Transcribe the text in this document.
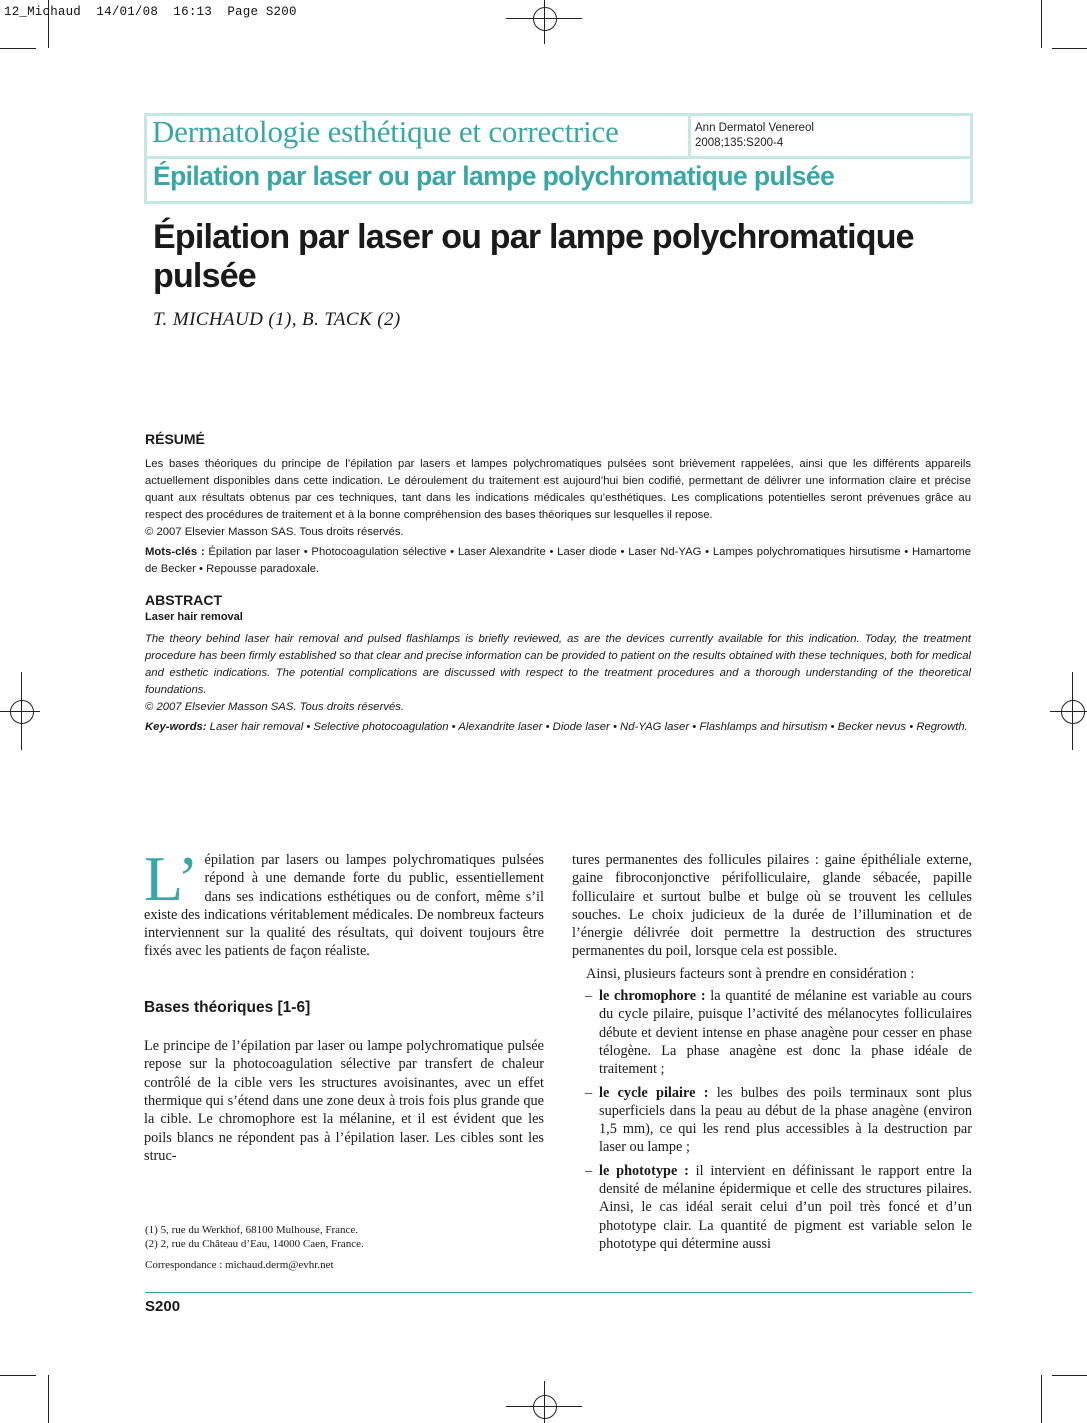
12_Michaud  14/01/08  16:13  Page S200
Dermatologie esthétique et correctrice	Ann Dermatol Venereol
2008;135:S200-4
Épilation par laser ou par lampe polychromatique pulsée
Épilation par laser ou par lampe polychromatique pulsée
T. MICHAUD (1), B. TACK (2)
RÉSUMÉ
Les bases théoriques du principe de l’épilation par lasers et lampes polychromatiques pulsées sont brièvement rappelées, ainsi que les différents appareils actuellement disponibles dans cette indication. Le déroulement du traitement est aujourd’hui bien codifié, permettant de délivrer une information claire et précise quant aux résultats obtenus par ces techniques, tant dans les indications médicales qu’esthétiques. Les complications potentielles seront prévenues grâce au respect des procédures de traitement et à la bonne compréhension des bases théoriques sur lesquelles il repose.
© 2007 Elsevier Masson SAS. Tous droits réservés.
Mots-clés : Épilation par laser • Photocoagulation sélective • Laser Alexandrite • Laser diode • Laser Nd-YAG • Lampes polychromatiques hirsutisme • Hamartome de Becker • Repousse paradoxale.
ABSTRACT
Laser hair removal
The theory behind laser hair removal and pulsed flashlamps is briefly reviewed, as are the devices currently available for this indication. Today, the treatment procedure has been firmly established so that clear and precise information can be provided to patient on the results obtained with these techniques, both for medical and esthetic indications. The potential complications are discussed with respect to the treatment procedures and a thorough understanding of the theoretical foundations.
© 2007 Elsevier Masson SAS. Tous droits réservés.
Key-words: Laser hair removal • Selective photocoagulation • Alexandrite laser • Diode laser • Nd-YAG laser • Flashlamps and hirsutism • Becker nevus • Regrowth.

L’ épilation par lasers ou lampes polychromatiques pulsées répond à une demande forte du public, essentiellement dans ses indications esthétiques ou de confort, même s’il existe des indications véritablement médicales. De nombreux facteurs interviennent sur la qualité des résultats, qui doivent toujours être fixés avec les patients de façon réaliste.

Bases théoriques [1-6]

Le principe de l’épilation par laser ou lampe polychromatique pulsée repose sur la photocoagulation sélective par transfert de chaleur contrôlé de la cible vers les structures avoisinantes, avec un effet thermique qui s’étend dans une zone deux à trois fois plus grande que la cible. Le chromophore est la mélanine, et il est évident que les poils blancs ne répondent pas à l’épilation laser. Les cibles sont les struc-

tures permanentes des follicules pilaires : gaine épithéliale externe, gaine fibroconjonctive périfolliculaire, glande sébacée, papille folliculaire et surtout bulbe et bulge où se trouvent les cellules souches. Le choix judicieux de la durée de l’illumination et de l’énergie délivrée doit permettre la destruction des structures permanentes du poil, lorsque cela est possible.

Ainsi, plusieurs facteurs sont à prendre en considération :

– le chromophore : la quantité de mélanine est variable au cours du cycle pilaire, puisque l’activité des mélanocytes folliculaires débute et devient intense en phase anagène pour cesser en phase télogène. La phase anagène est donc la phase idéale de traitement ;
– le cycle pilaire : les bulbes des poils terminaux sont plus superficiels dans la peau au début de la phase anagène (environ 1,5 mm), ce qui les rend plus accessibles à la destruction par laser ou lampe ;
– le phototype : il intervient en définissant le rapport entre la densité de mélanine épidermique et celle des structures pilaires. Ainsi, le cas idéal serait celui d’un poil très foncé et d’un phototype clair. La quantité de pigment est variable selon le phototype qui détermine aussi

(1) 5, rue du Werkhof, 68100 Mulhouse, France.

(2) 2, rue du Château d’Eau, 14000 Caen, France.

Correspondance : michaud.derm@evhr.net
S200
